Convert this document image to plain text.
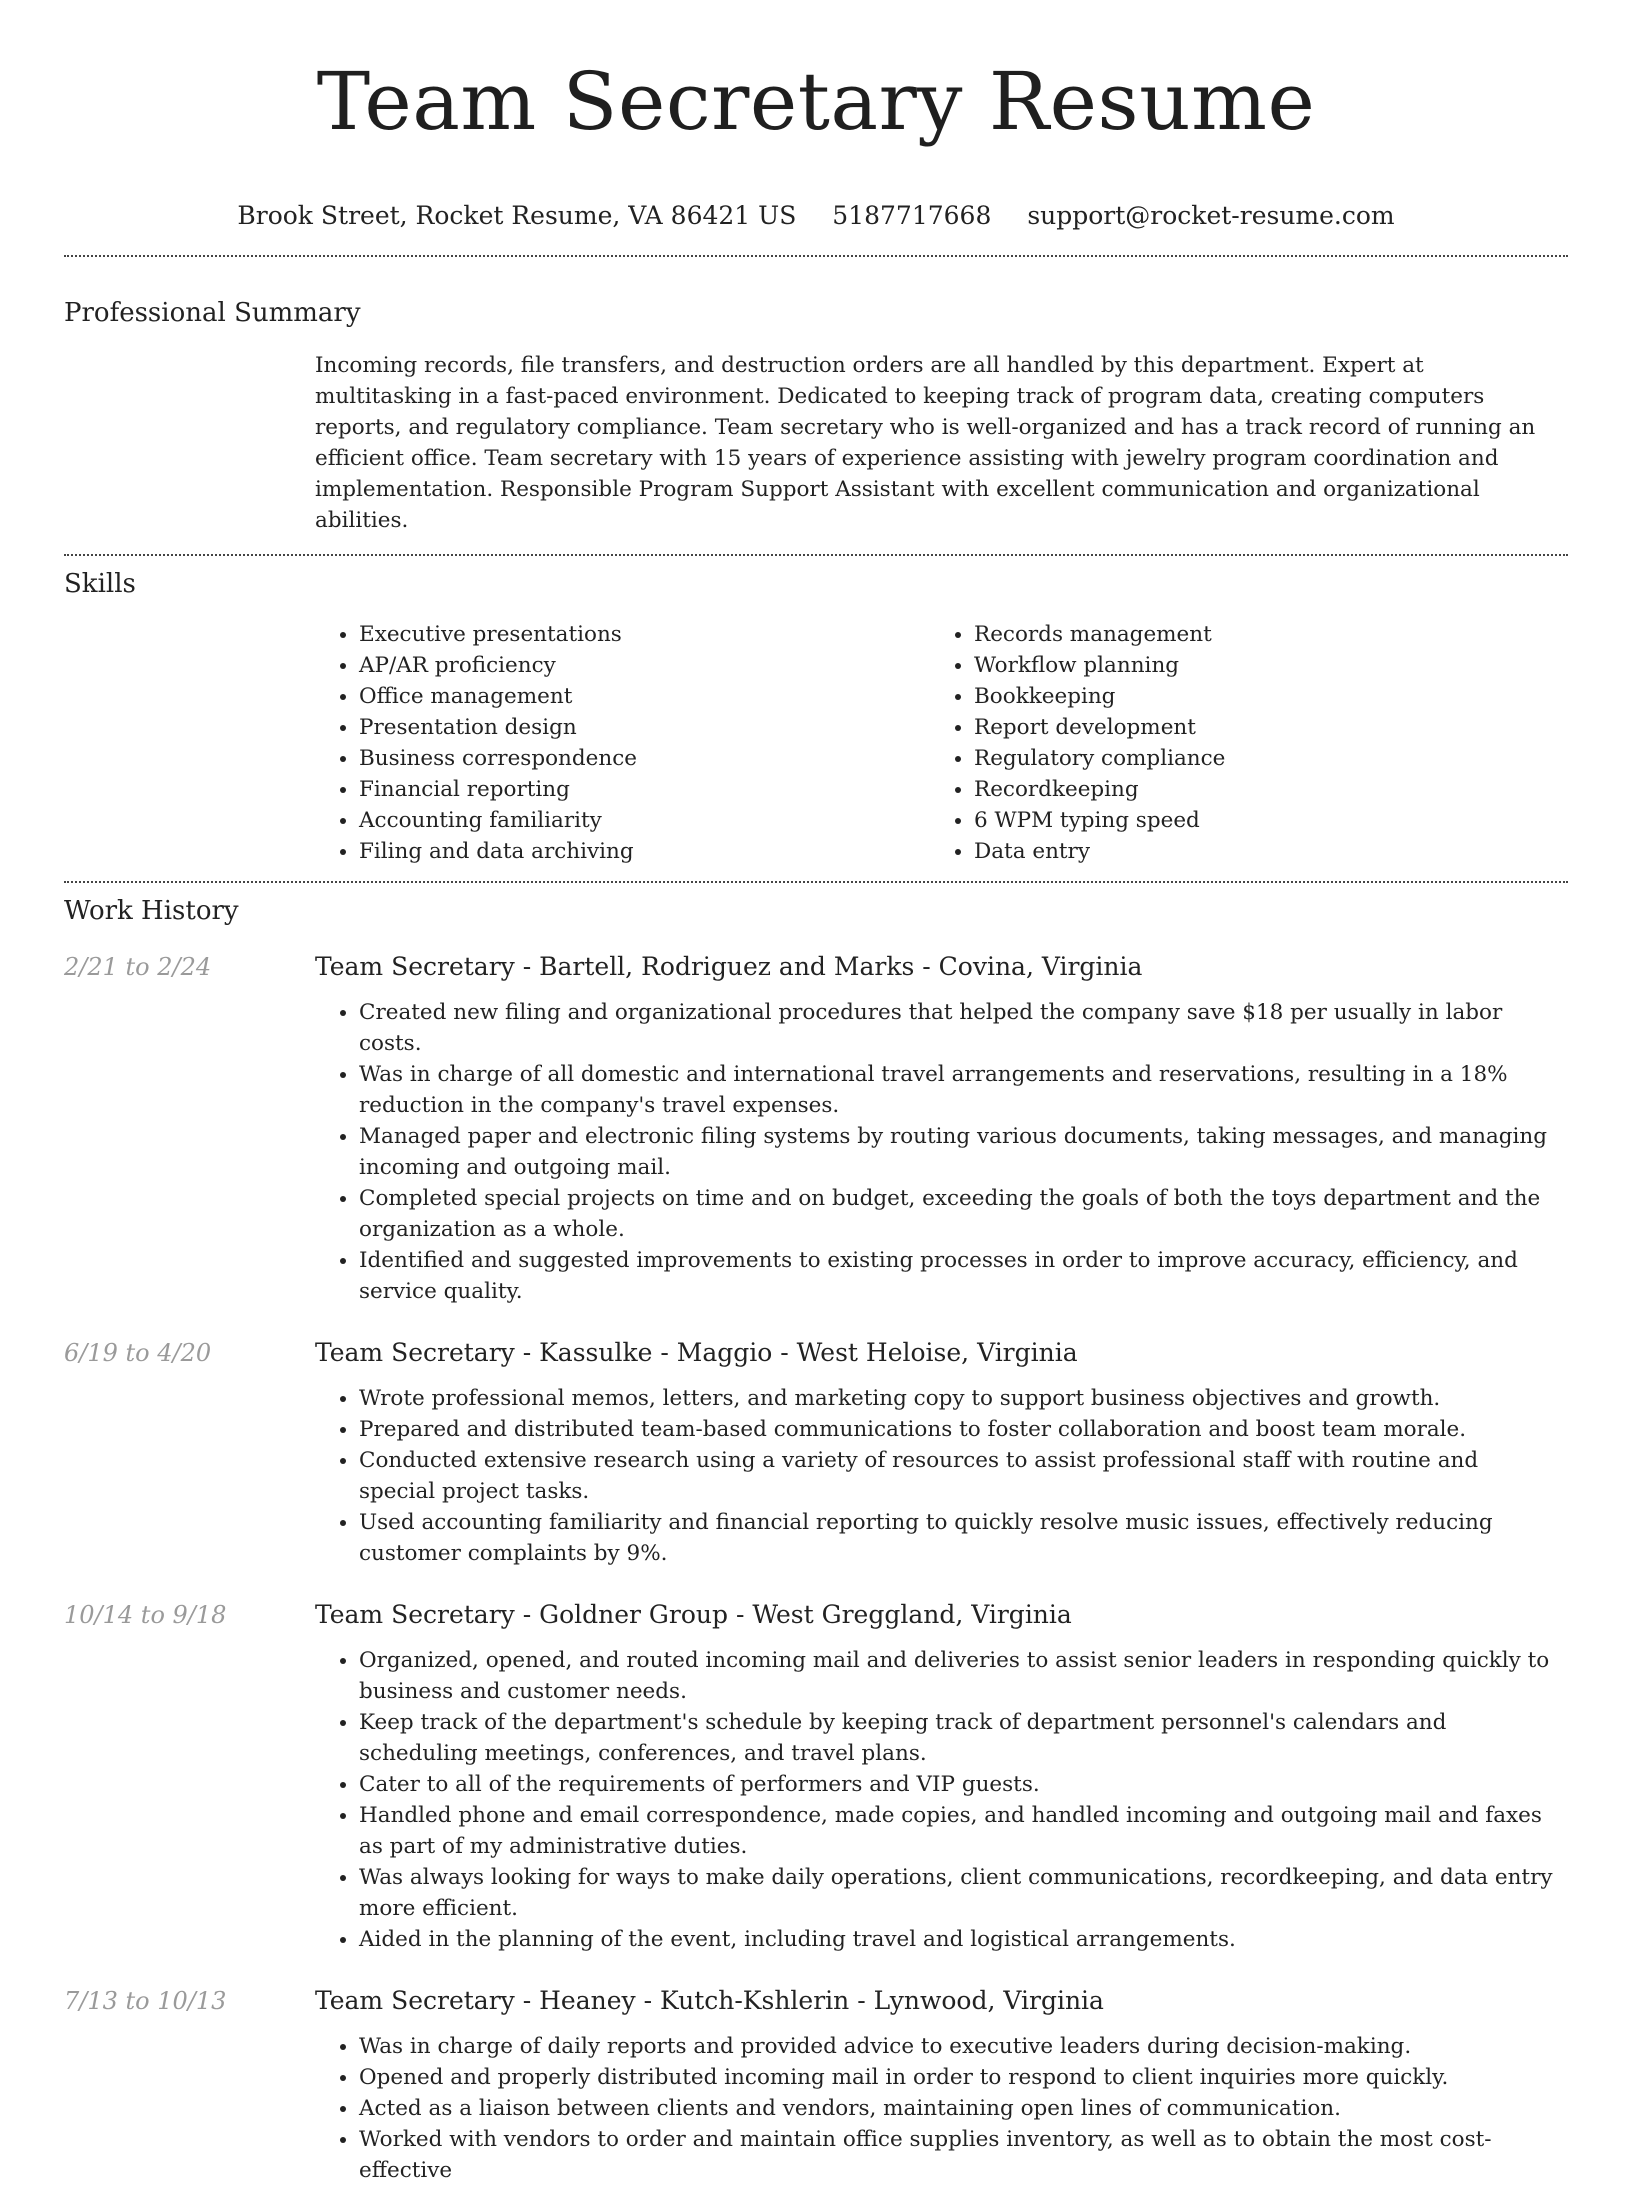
Team Secretary Resume
Brook Street, Rocket Resume, VA 86421 US 5187717668 support@rocket-resume.com
Professional Summary
Incoming records, file transfers, and destruction orders are all handled by this department. Expert at multitasking in a fast-paced environment. Dedicated to keeping track of program data, creating computers reports, and regulatory compliance. Team secretary who is well-organized and has a track record of running an efficient office. Team secretary with 15 years of experience assisting with jewelry program coordination and implementation. Responsible Program Support Assistant with excellent communication and organizational abilities.
Skills
• Executive presentations
• AP/AR proficiency
• Office management
• Presentation design
• Business correspondence
• Financial reporting
• Accounting familiarity
• Filing and data archiving
• Records management
• Workflow planning
• Bookkeeping
• Report development
• Regulatory compliance
• Recordkeeping
• 6 WPM typing speed
• Data entry
Work History
2/21 to 2/24	Team Secretary - Bartell, Rodriguez and Marks - Covina, Virginia
• Created new filing and organizational procedures that helped the company save $18 per usually in labor costs.
• Was in charge of all domestic and international travel arrangements and reservations, resulting in a 18% reduction in the company's travel expenses.
• Managed paper and electronic filing systems by routing various documents, taking messages, and managing incoming and outgoing mail.
• Completed special projects on time and on budget, exceeding the goals of both the toys department and the organization as a whole.
• Identified and suggested improvements to existing processes in order to improve accuracy, efficiency, and service quality.
6/19 to 4/20	Team Secretary - Kassulke - Maggio - West Heloise, Virginia
• Wrote professional memos, letters, and marketing copy to support business objectives and growth.
• Prepared and distributed team-based communications to foster collaboration and boost team morale.
• Conducted extensive research using a variety of resources to assist professional staff with routine and special project tasks.
• Used accounting familiarity and financial reporting to quickly resolve music issues, effectively reducing customer complaints by 9%.
10/14 to 9/18	Team Secretary - Goldner Group - West Greggland, Virginia
• Organized, opened, and routed incoming mail and deliveries to assist senior leaders in responding quickly to business and customer needs.
• Keep track of the department's schedule by keeping track of department personnel's calendars and scheduling meetings, conferences, and travel plans.
• Cater to all of the requirements of performers and VIP guests.
• Handled phone and email correspondence, made copies, and handled incoming and outgoing mail and faxes as part of my administrative duties.
• Was always looking for ways to make daily operations, client communications, recordkeeping, and data entry more efficient.
• Aided in the planning of the event, including travel and logistical arrangements.
7/13 to 10/13	Team Secretary - Heaney - Kutch-Kshlerin - Lynwood, Virginia
• Was in charge of daily reports and provided advice to executive leaders during decision-making.
• Opened and properly distributed incoming mail in order to respond to client inquiries more quickly.
• Acted as a liaison between clients and vendors, maintaining open lines of communication.
• Worked with vendors to order and maintain office supplies inventory, as well as to obtain the most cost-effective
